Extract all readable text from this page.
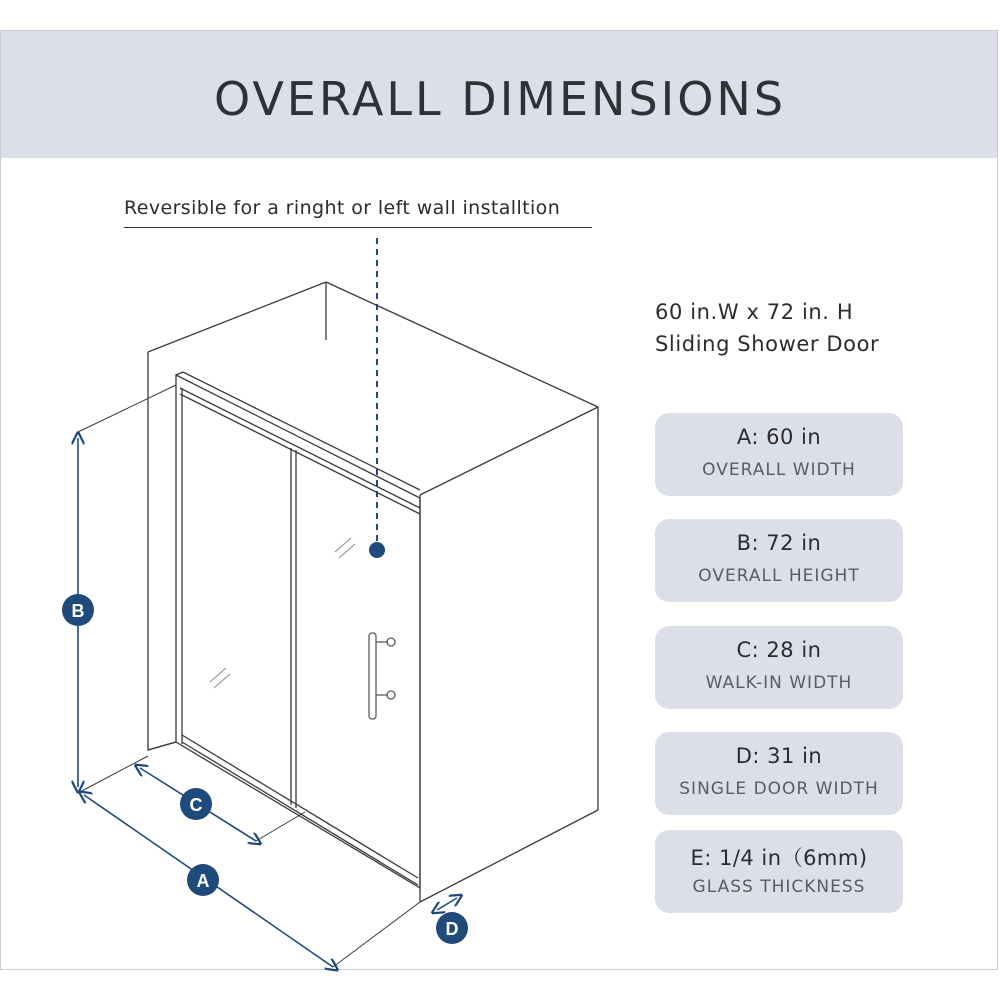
OVERALL DIMENSIONS
Reversible for a ringht or left wall installtion
60 in.W x 72 in. H
Sliding Shower Door
A: 60 in
OVERALL WIDTH
B: 72 in
OVERALL HEIGHT
C: 28 in
WALK-IN WIDTH
D: 31 in
SINGLE DOOR WIDTH
E: 1/4 in（6mm)
GLASS THICKNESS
B
C
A
D
